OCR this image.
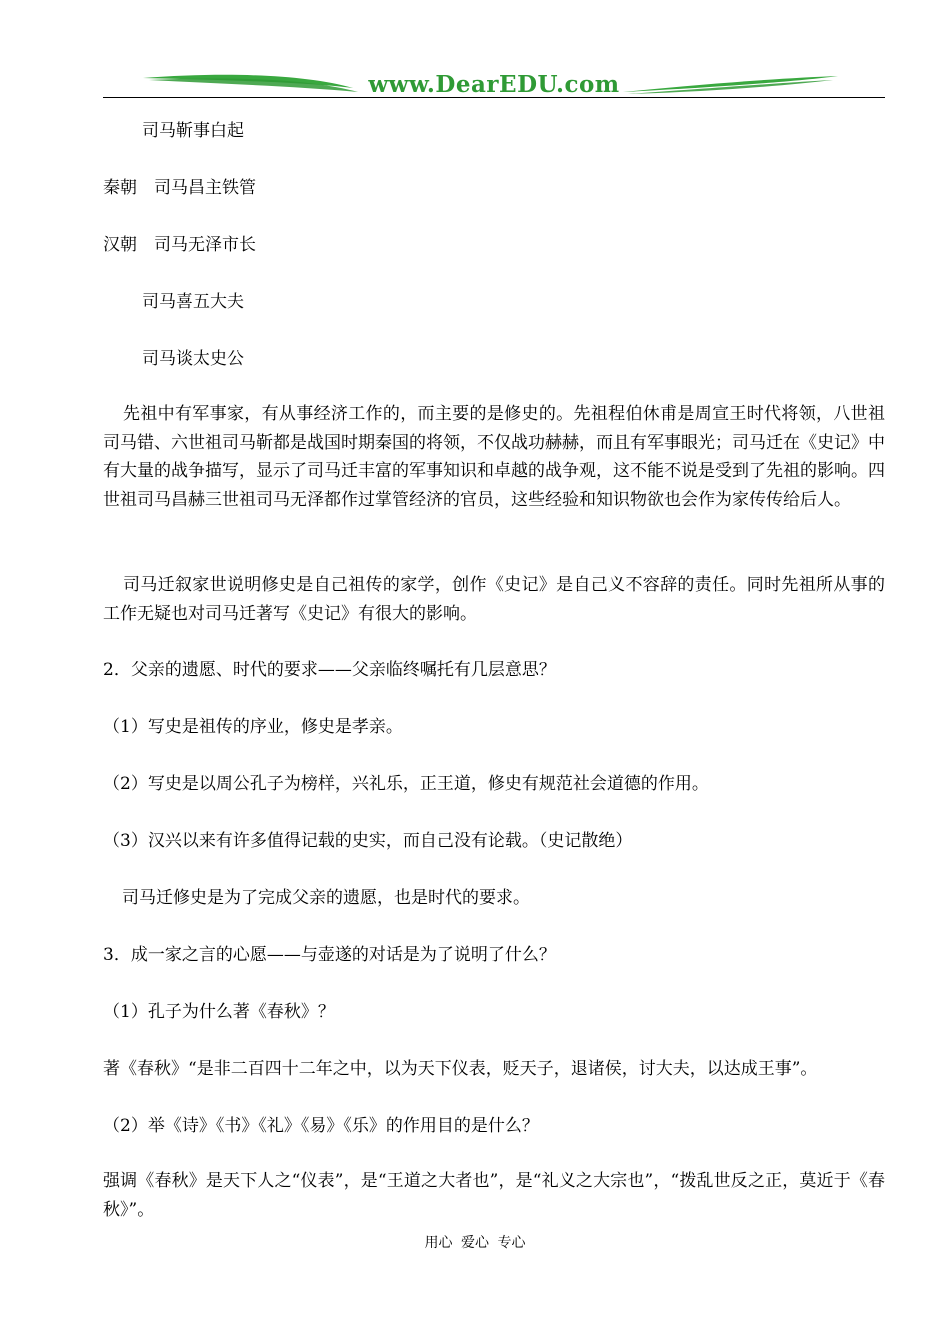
www.DearEDU.com
司马靳事白起
秦朝　司马昌主铁管
汉朝　司马无泽市长
司马喜五大夫
司马谈太史公

先祖中有军事家，有从事经济工作的，而主要的是修史的。先祖程伯休甫是周宣王时代将领，八世祖司马错、六世祖司马靳都是战国时期秦国的将领，不仅战功赫赫，而且有军事眼光；司马迁在《史记》中有大量的战争描写，显示了司马迁丰富的军事知识和卓越的战争观，这不能不说是受到了先祖的影响。四世祖司马昌赫三世祖司马无泽都作过掌管经济的官员，这些经验和知识物欲也会作为家传传给后人。

司马迁叙家世说明修史是自己祖传的家学，创作《史记》是自己义不容辞的责任。同时先祖所从事的工作无疑也对司马迁著写《史记》有很大的影响。

2．父亲的遗愿、时代的要求——父亲临终嘱托有几层意思？
（1）写史是祖传的序业，修史是孝亲。
（2）写史是以周公孔子为榜样，兴礼乐，正王道，修史有规范社会道德的作用。
（3）汉兴以来有许多值得记载的史实，而自己没有论载。（史记散绝）
司马迁修史是为了完成父亲的遗愿，也是时代的要求。
3．成一家之言的心愿——与壶遂的对话是为了说明了什么？
（1）孔子为什么著《春秋》？
著《春秋》“是非二百四十二年之中，以为天下仪表，贬天子，退诸侯，讨大夫，以达成王事”。
（2）举《诗》《书》《礼》《易》《乐》的作用目的是什么？

强调《春秋》是天下人之“仪表”，是“王道之大者也”，是“礼义之大宗也”，“拨乱世反之正，莫近于《春秋》”。

用心 爱心 专心
